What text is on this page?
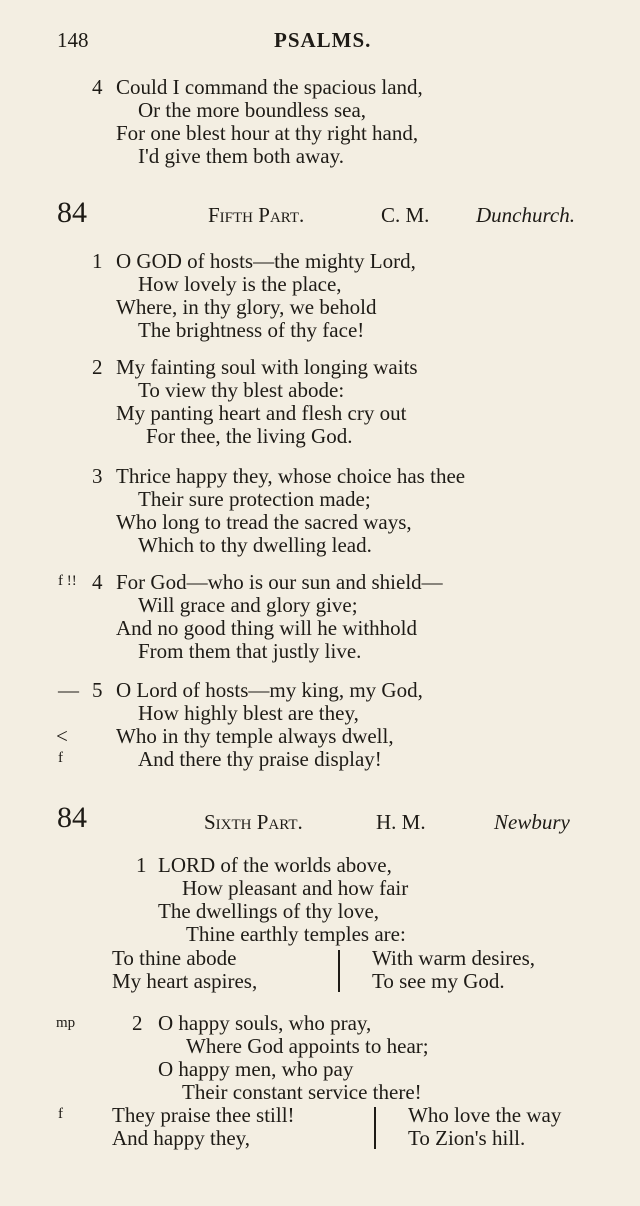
148	PSALMS.
4 Could I command the spacious land,
Or the more boundless sea,
For one blest hour at thy right hand,
I'd give them both away.
84	Fifth Part.	C. M. Dunchurch.
1 O GOD of hosts—the mighty Lord,
How lovely is the place,
Where, in thy glory, we behold
The brightness of thy face!
2 My fainting soul with longing waits
To view thy blest abode:
My panting heart and flesh cry out
For thee, the living God.
3 Thrice happy they, whose choice has thee
Their sure protection made;
Who long to tread the sacred ways,
Which to thy dwelling lead.
f !! 4 For God—who is our sun and shield—
Will grace and glory give;
And no good thing will he withhold
From them that justly live.
— 5 O Lord of hosts—my king, my God,
How highly blest are they,
< Who in thy temple always dwell,
f	And there thy praise display!
84	Sixth Part.	H. M.	Newbury
1 LORD of the worlds above,
How pleasant and how fair
The dwellings of thy love,
Thine earthly temples are:
To thine abode
My heart aspires,
With warm desires,
To see my God.
mp	2 O happy souls, who pray,
Where God appoints to hear;
O happy men, who pay
Their constant service there!
f They praise thee still!
And happy they,
Who love the way
To Zion's hill.
